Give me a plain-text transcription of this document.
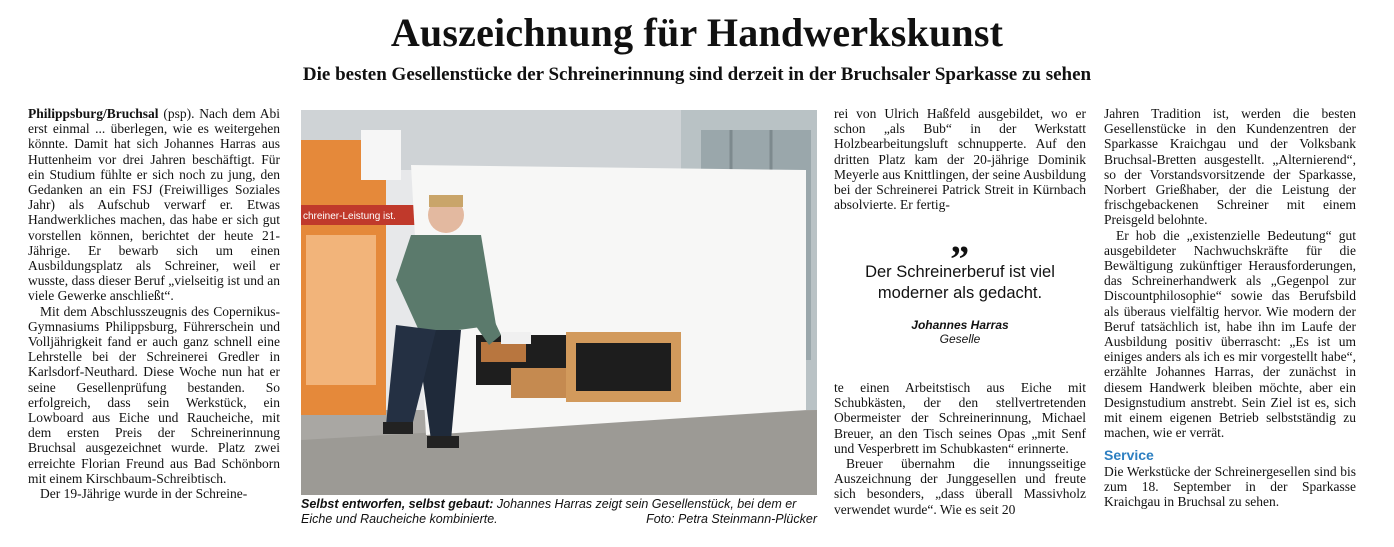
Auszeichnung für Handwerkskunst
Die besten Gesellenstücke der Schreinerinnung sind derzeit in der Bruchsaler Sparkasse zu sehen

Philippsburg/Bruchsal (psp). Nach dem Abi erst einmal ... überlegen, wie es weitergehen könnte. Damit hat sich Johannes Harras aus Huttenheim vor drei Jahren beschäftigt. Für ein Studium fühlte er sich noch zu jung, den Gedanken an ein FSJ (Freiwilliges Soziales Jahr) als Aufschub verwarf er. Etwas Handwerkliches machen, das habe er sich gut vorstellen können, berichtet der heute 21-Jährige. Er bewarb sich um einen Ausbildungsplatz als Schreiner, weil er wusste, dass dieser Beruf „vielseitig ist und an viele Gewerke anschließt“.

Mit dem Abschlusszeugnis des Copernikus-Gymnasiums Philippsburg, Führerschein und Volljährigkeit fand er auch ganz schnell eine Lehrstelle bei der Schreinerei Gredler in Karlsdorf-Neuthard. Diese Woche nun hat er seine Gesellenprüfung bestanden. So erfolgreich, dass sein Werkstück, ein Lowboard aus Eiche und Raucheiche, mit dem ersten Preis der Schreinerinnung Bruchsal ausgezeichnet wurde. Platz zwei erreichte Florian Freund aus Bad Schönborn mit einem Kirschbaum-Schreibtisch.

Der 19-Jährige wurde in der Schreine-

chreiner-Leistung ist.
Selbst entworfen, selbst gebaut: Johannes Harras zeigt sein Gesellenstück, bei dem er Eiche und Raucheiche kombinierte.	Foto: Petra Steinmann-Plücker

rei von Ulrich Haßfeld ausgebildet, wo er schon „als Bub“ in der Werkstatt Holzbearbeitungsluft schnupperte. Auf den dritten Platz kam der 20-jährige Dominik Meyerle aus Knittlingen, der seine Ausbildung bei der Schreinerei Patrick Streit in Kürnbach absolvierte. Er fertig-

„
Der Schreinerberuf ist viel moderner als gedacht.
Johannes Harras
Geselle

te einen Arbeitstisch aus Eiche mit Schubkästen, der den stellvertretenden Obermeister der Schreinerinnung, Michael Breuer, an den Tisch seines Opas „mit Senf und Vesperbrett im Schubkasten“ erinnerte.

Breuer übernahm die innungsseitige Auszeichnung der Junggesellen und freute sich besonders, „dass überall Massivholz verwendet wurde“. Wie es seit 20

Jahren Tradition ist, werden die besten Gesellenstücke in den Kundenzentren der Sparkasse Kraichgau und der Volksbank Bruchsal-Bretten ausgestellt. „Alternierend“, so der Vorstandsvorsitzende der Sparkasse, Norbert Grießhaber, der die Leistung der frischgebackenen Schreiner mit einem Preisgeld belohnte.

Er hob die „existenzielle Bedeutung“ gut ausgebildeter Nachwuchskräfte für die Bewältigung zukünftiger Herausforderungen, das Schreinerhandwerk als „Gegenpol zur Discountphilosophie“ sowie das Berufsbild als überaus vielfältig hervor. Wie modern der Beruf tatsächlich ist, habe ihn im Laufe der Ausbildung positiv überrascht: „Es ist um einiges anders als ich es mir vorgestellt habe“, erzählte Johannes Harras, der zunächst in diesem Handwerk bleiben möchte, aber ein Designstudium anstrebt. Sein Ziel ist es, sich mit einem eigenen Betrieb selbstständig zu machen, wie er verrät.

Service

Die Werkstücke der Schreinergesellen sind bis zum 18. September in der Sparkasse Kraichgau in Bruchsal zu sehen.
